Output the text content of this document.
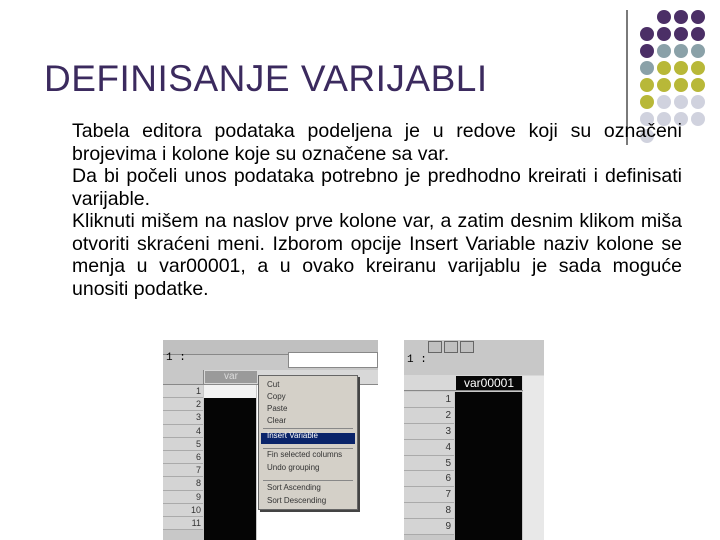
DEFINISANJE VARIJABLI

Tabela editora podataka podeljena je u redove koji su označeni brojevima i kolone koje su označene sa var.

Da bi počeli unos podataka potrebno je predhodno kreirati i definisati varijable.

Kliknuti mišem na naslov prve kolone var, a zatim desnim klikom miša otvoriti skraćeni meni. Izborom opcije Insert Variable naziv kolone se menja u var00001, a u ovako kreiranu varijablu je sada moguće unositi podatke.

1 :
var
1
2
3
4
5
6
7
8
9
10
11
Cut
Copy
Paste
Clear
Insert Variable
Fin selected columns
Undo grouping
Sort Ascending
Sort Descending
1 :
var00001
1
2
3
4
5
6
7
8
9
